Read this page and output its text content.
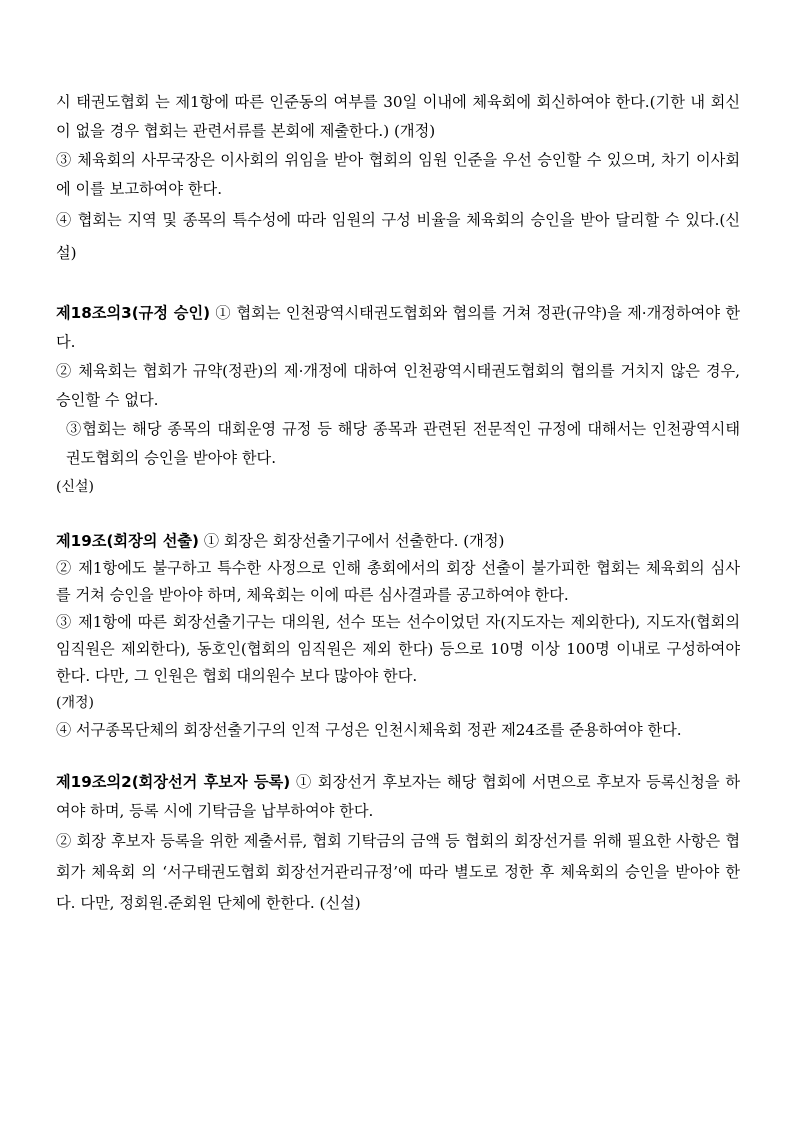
시 태권도협회 는 제1항에 따른 인준동의 여부를 30일 이내에 체육회에 회신하여야 한다.(기한 내 회신이 없을 경우 협회는 관련서류를 본회에 제출한다.) (개정)

③ 체육회의 사무국장은 이사회의 위임을 받아 협회의 임원 인준을 우선 승인할 수 있으며, 차기 이사회에 이를 보고하여야 한다.

④ 협회는 지역 및 종목의 특수성에 따라 임원의 구성 비율을 체육회의 승인을 받아 달리할 수 있다.(신설)

제18조의3(규정 승인) ① 협회는 인천광역시태권도협회와 협의를 거쳐 정관(규약)을 제·개정하여야 한다.

② 체육회는 협회가 규약(정관)의 제·개정에 대하여 인천광역시태권도협회의 협의를 거치지 않은 경우, 승인할 수 없다.

③협회는 해당 종목의 대회운영 규정 등 해당 종목과 관련된 전문적인 규정에 대해서는 인천광역시태권도협회의 승인을 받아야 한다.

(신설)

제19조(회장의 선출) ① 회장은 회장선출기구에서 선출한다. (개정)

② 제1항에도 불구하고 특수한 사정으로 인해 총회에서의 회장 선출이 불가피한 협회는 체육회의 심사를 거쳐 승인을 받아야 하며, 체육회는 이에 따른 심사결과를 공고하여야 한다.

③ 제1항에 따른 회장선출기구는 대의원, 선수 또는 선수이었던 자(지도자는 제외한다), 지도자(협회의 임직원은 제외한다), 동호인(협회의 임직원은 제외 한다) 등으로 10명 이상 100명 이내로 구성하여야 한다. 다만, 그 인원은 협회 대의원수 보다 많아야 한다.

(개정)

④ 서구종목단체의 회장선출기구의 인적 구성은 인천시체육회 정관 제24조를 준용하여야 한다.

제19조의2(회장선거 후보자 등록) ① 회장선거 후보자는 해당 협회에 서면으로 후보자 등록신청을 하여야 하며, 등록 시에 기탁금을 납부하여야 한다.

② 회장 후보자 등록을 위한 제출서류, 협회 기탁금의 금액 등 협회의 회장선거를 위해 필요한 사항은 협회가 체육회 의 ‘서구태권도협회 회장선거관리규정’에 따라 별도로 정한 후 체육회의 승인을 받아야 한다. 다만, 정회원.준회원 단체에 한한다. (신설)
